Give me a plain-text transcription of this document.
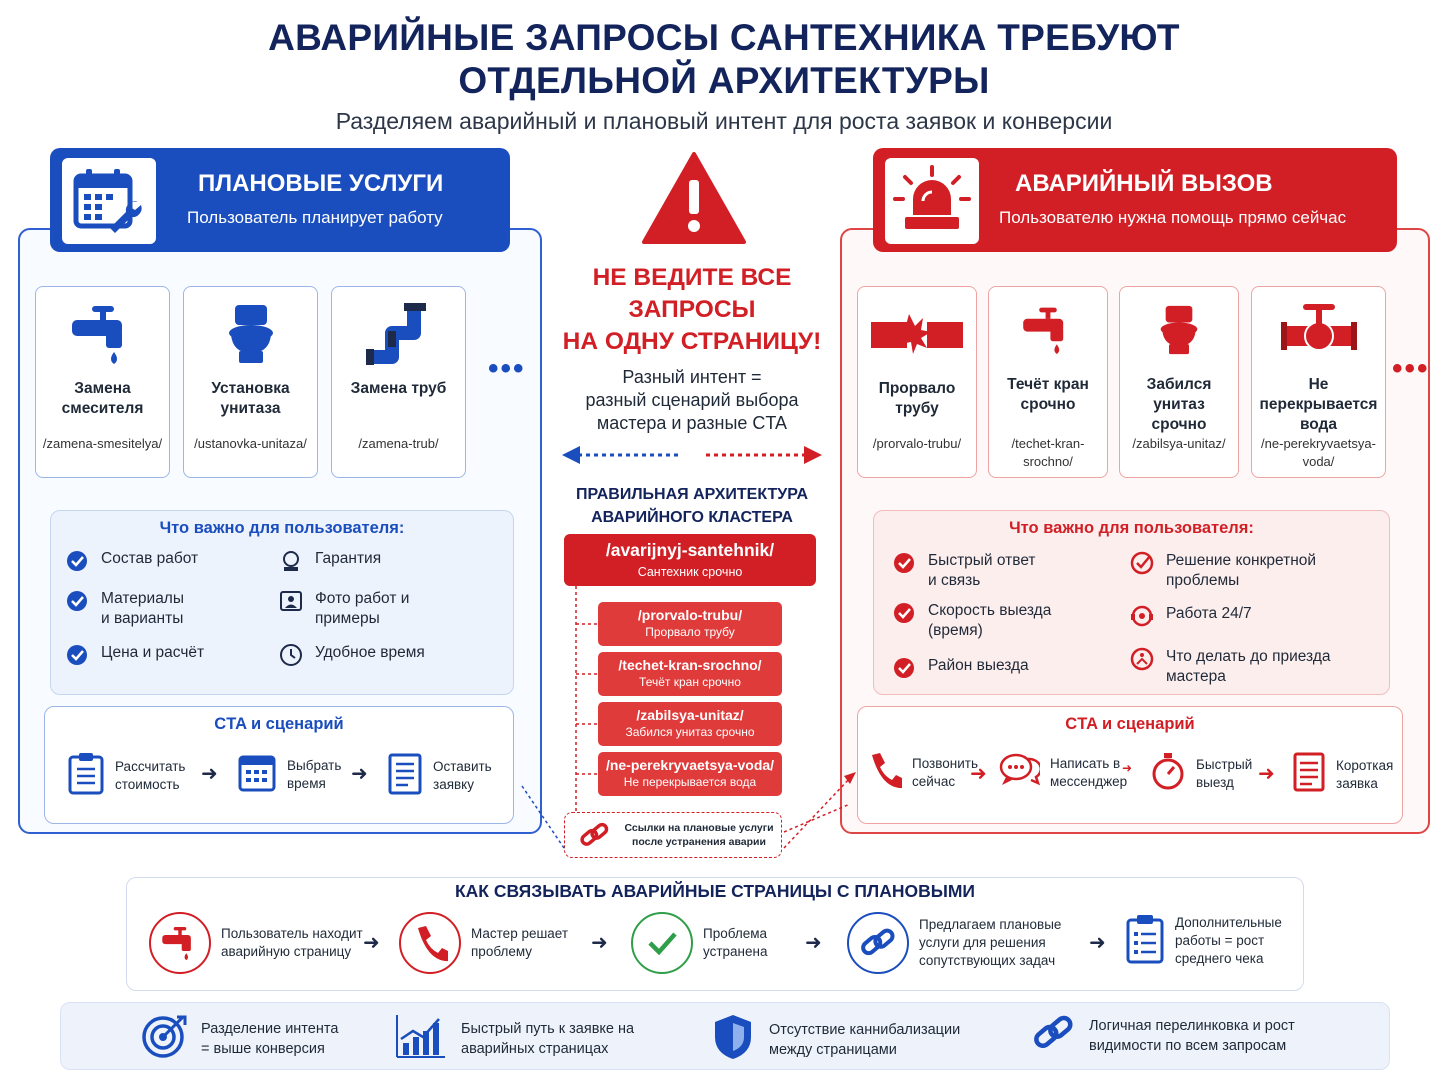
АВАРИЙНЫЕ ЗАПРОСЫ САНТЕХНИКА ТРЕБУЮТ
ОТДЕЛЬНОЙ АРХИТЕКТУРЫ
Разделяем аварийный и плановый интент для роста заявок и конверсии
ПЛАНОВЫЕ УСЛУГИ
Пользователь планирует работу
Замена смесителя
/zamena-smesitelya/
Установка унитаза
/ustanovka-unitaza/
Замена труб
/zamena-trub/
•••
Что важно для пользователя:
Состав работ
Материалы и варианты
Цена и расчёт
Гарантия
Фото работ и примеры
Удобное время
CTA и сценарий
Рассчитать стоимость	➜	Выбрать время	➜	Оставить заявку
АВАРИЙНЫЙ ВЫЗОВ
Пользователю нужна помощь прямо сейчас
Прорвало трубу
/prorvalo-trubu/
Течёт кран срочно
/techet-kran-srochno/
Забился унитаз срочно
/zabilsya-unitaz/
Не перекрывается вода
/ne-perekryvaetsya-voda/
•••
Что важно для пользователя:
Быстрый ответ и связь
Скорость выезда (время)
Район выезда
Решение конкретной проблемы
Работа 24/7
Что делать до приезда мастера
CTA и сценарий
Позвонить сейчас ➜	Написать в мессенджер
➜	Быстрый выезд	➜	Короткая заявка
НЕ ВЕДИТЕ ВСЕ
ЗАПРОСЫ
НА ОДНУ СТРАНИЦУ!
Разный интент =
разный сценарий выбора
мастера и разные CTA
ПРАВИЛЬНАЯ АРХИТЕКТУРА
АВАРИЙНОГО КЛАСТЕРА
/avarijnyj-santehnik/
Сантехник срочно
/prorvalo-trubu/
Прорвало трубу
/techet-kran-srochno/
Течёт кран срочно
/zabilsya-unitaz/
Забился унитаз срочно
/ne-perekryvaetsya-voda/
Не перекрывается вода
Ссылки на плановые услуги после устранения аварии
КАК СВЯЗЫВАТЬ АВАРИЙНЫЕ СТРАНИЦЫ С ПЛАНОВЫМИ
Пользователь находит аварийную страницу ➜	Мастер решает проблему	➜	Проблема устранена	➜
Предлагаем плановые услуги для решения сопутствующих задач
➜
Дополнительные работы = рост среднего чека
Разделение интента = выше конверсия
Быстрый путь к заявке на аварийных страницах
Отсутствие каннибализации между страницами
Логичная перелинковка и рост видимости по всем запросам
